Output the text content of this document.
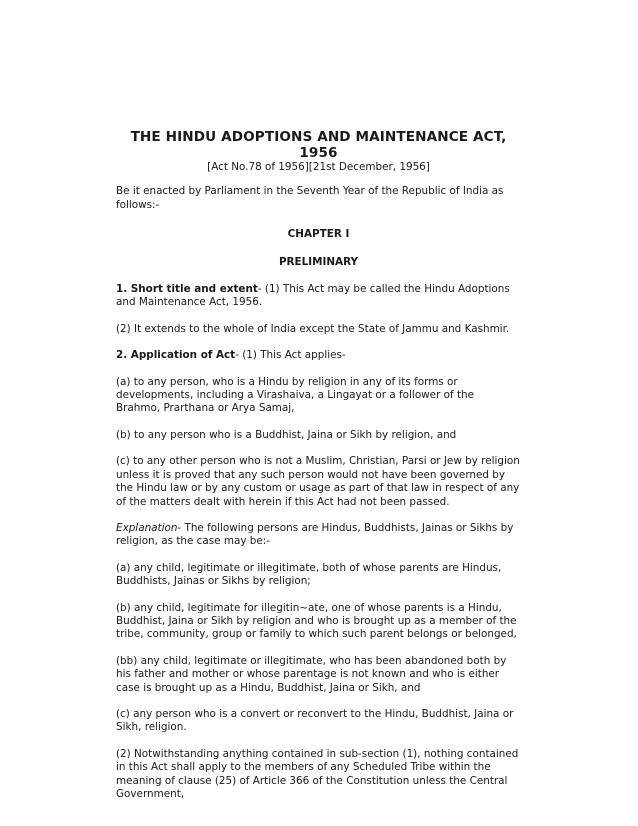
THE HINDU ADOPTIONS AND MAINTENANCE ACT, 1956

[Act No.78 of 1956][21st December, 1956]

Be it enacted by Parliament in the Seventh Year of the Republic of India as follows:-

CHAPTER I

PRELIMINARY

1. Short title and extent- (1) This Act may be called the Hindu Adoptions and Maintenance Act, 1956.

(2) It extends to the whole of India except the State of Jammu and Kashmir.

2. Application of Act- (1) This Act applies-

(a) to any person, who is a Hindu by religion in any of its forms or developments, including a Virashaiva, a Lingayat or a follower of the Brahmo, Prarthana or Arya Samaj,

(b) to any person who is a Buddhist, Jaina or Sikh by religion, and

(c) to any other person who is not a Muslim, Christian, Parsi or Jew by religion unless it is proved that any such person would not have been governed by the Hindu law or by any custom or usage as part of that law in respect of any of the matters dealt with herein if this Act had not been passed.

Explanation- The following persons are Hindus, Buddhists, Jainas or Sikhs by religion, as the case may be:-

(a) any child, legitimate or illegitimate, both of whose parents are Hindus, Buddhists, Jainas or Sikhs by religion;

(b) any child, legitimate for illegitin~ate, one of whose parents is a Hindu, Buddhist, Jaina or Sikh by religion and who is brought up as a member of the tribe, community, group or family to which such parent belongs or belonged,

(bb) any child, legitimate or illegitimate, who has been abandoned both by his father and mother or whose parentage is not known and who is either case is brought up as a Hindu, Buddhist, Jaina or Sikh, and

(c) any person who is a convert or reconvert to the Hindu, Buddhist, Jaina or Sikh, religion.

(2) Notwithstanding anything contained in sub-section (1), nothing contained in this Act shall apply to the members of any Scheduled Tribe within the meaning of clause (25) of Article 366 of the Constitution unless the Central Government,
